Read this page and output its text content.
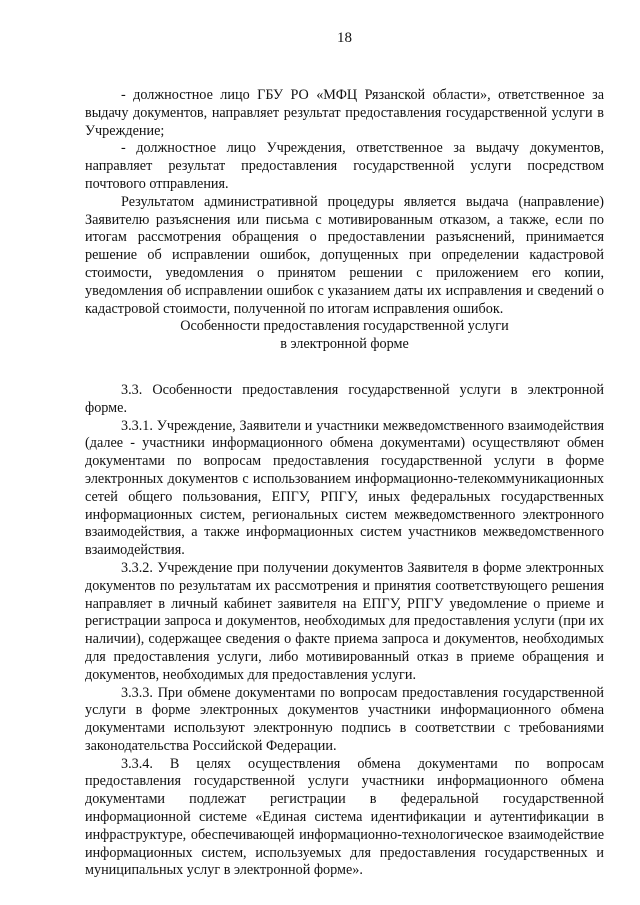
18

- должностное лицо ГБУ РО «МФЦ Рязанской области», ответственное за выдачу документов, направляет результат предоставления государственной услуги в Учреждение;

- должностное лицо Учреждения, ответственное за выдачу документов, направляет результат предоставления государственной услуги посредством почтового отправления.

Результатом административной процедуры является выдача (направление) Заявителю разъяснения или письма с мотивированным отказом, а также, если по итогам рассмотрения обращения о предоставлении разъяснений, принимается решение об исправлении ошибок, допущенных при определении кадастровой стоимости, уведомления о принятом решении с приложением его копии, уведомления об исправлении ошибок с указанием даты их исправления и сведений о кадастровой стоимости, полученной по итогам исправления ошибок.

Особенности предоставления государственной услуги

в электронной форме

3.3. Особенности предоставления государственной услуги в электронной форме.

3.3.1. Учреждение, Заявители и участники межведомственного взаимодействия (далее - участники информационного обмена документами) осуществляют обмен документами по вопросам предоставления государственной услуги в форме электронных документов с использованием информационно-телекоммуникационных сетей общего пользования, ЕПГУ, РПГУ, иных федеральных государственных информационных систем, региональных систем межведомственного электронного взаимодействия, а также информационных систем участников межведомственного взаимодействия.

3.3.2. Учреждение при получении документов Заявителя в форме электронных документов по результатам их рассмотрения и принятия соответствующего решения направляет в личный кабинет заявителя на ЕПГУ, РПГУ уведомление о приеме и регистрации запроса и документов, необходимых для предоставления услуги (при их наличии), содержащее сведения о факте приема запроса и документов, необходимых для предоставления услуги, либо мотивированный отказ в приеме обращения и документов, необходимых для предоставления услуги.

3.3.3. При обмене документами по вопросам предоставления государственной услуги в форме электронных документов участники информационного обмена документами используют электронную подпись в соответствии с требованиями законодательства Российской Федерации.

3.3.4. В целях осуществления обмена документами по вопросам предоставления государственной услуги участники информационного обмена документами подлежат регистрации в федеральной государственной информационной системе «Единая система идентификации и аутентификации в инфраструктуре, обеспечивающей информационно-технологическое взаимодействие информационных систем, используемых для предоставления государственных и муниципальных услуг в электронной форме».
